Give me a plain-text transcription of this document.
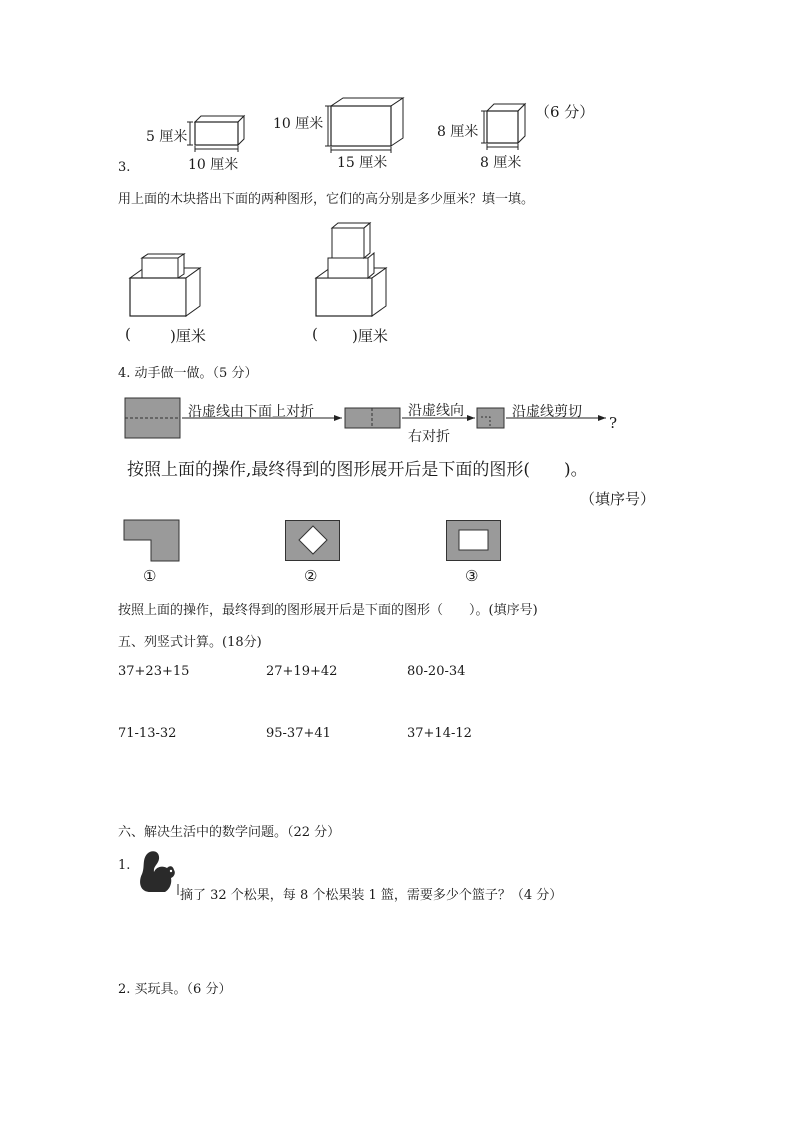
3.
（6 分）
5 厘米
10 厘米
10 厘米
15 厘米
8 厘米
8 厘米
用上面的木块搭出下面的两种图形，它们的高分别是多少厘米？填一填。
(	)厘米	( )厘米
4. 动手做一做。（5 分）
沿虚线由下面上对折	沿虚线向
右对折
沿虚线剪切
?
按照上面的操作,最终得到的图形展开后是下面的图形(　　)。
（填序号）
①	②	③
按照上面的操作，最终得到的图形展开后是下面的图形（　　）。(填序号)
五、列竖式计算。(18分)
37+23+15	27+19+42	80-20-34
71-13-32	95-37+41	37+14-12
六、解决生活中的数学问题。（22 分）
1.
摘了 32 个松果，每 8 个松果装 1 篮，需要多少个篮子？（4 分）
2. 买玩具。（6 分）
